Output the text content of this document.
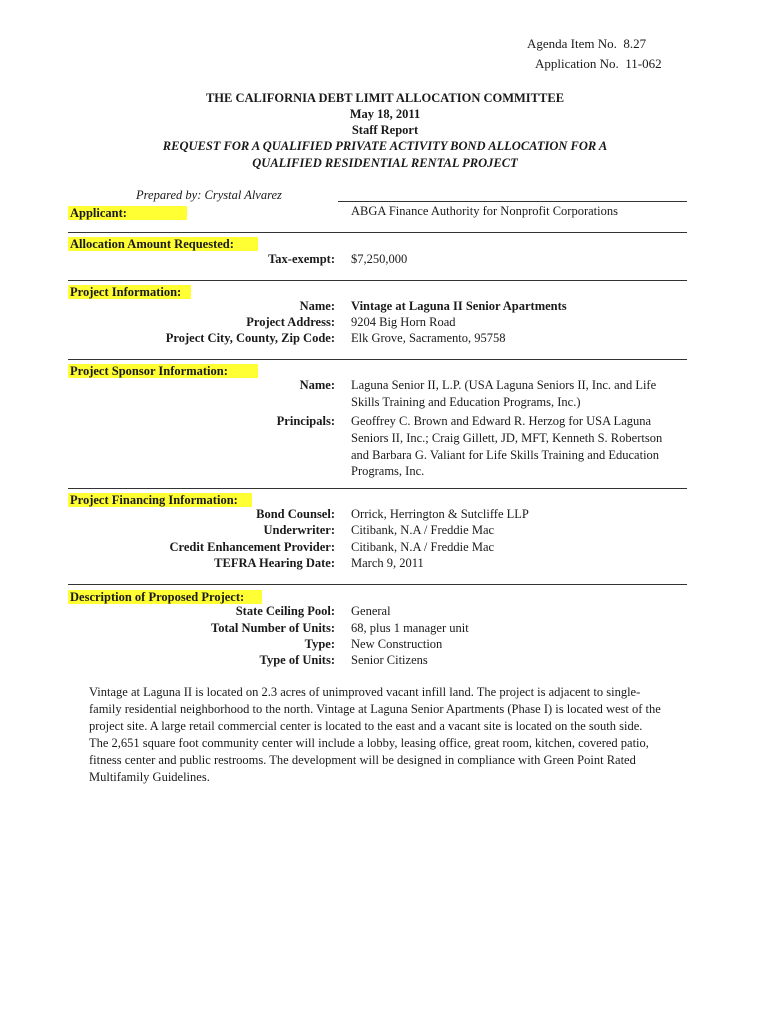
Agenda Item No. 8.27
Application No. 11-062
THE CALIFORNIA DEBT LIMIT ALLOCATION COMMITTEE
May 18, 2011
Staff Report
REQUEST FOR A QUALIFIED PRIVATE ACTIVITY BOND ALLOCATION FOR A
QUALIFIED RESIDENTIAL RENTAL PROJECT
Prepared by: Crystal Alvarez
Applicant:	ABGA Finance Authority for Nonprofit Corporations
Allocation Amount Requested:
Tax-exempt: $7,250,000
Project Information:
Name: Vintage at Laguna II Senior Apartments
Project Address: 9204 Big Horn Road
Project City, County, Zip Code: Elk Grove, Sacramento, 95758
Project Sponsor Information:
Name: Laguna Senior II, L.P. (USA Laguna Seniors II, Inc. and Life
Skills Training and Education Programs, Inc.)
Principals: Geoffrey C. Brown and Edward R. Herzog for USA Laguna
Seniors II, Inc.; Craig Gillett, JD, MFT, Kenneth S. Robertson
and Barbara G. Valiant for Life Skills Training and Education
Programs, Inc.
Project Financing Information:
Bond Counsel: Orrick, Herrington & Sutcliffe LLP
Underwriter: Citibank, N.A / Freddie Mac
Credit Enhancement Provider: Citibank, N.A / Freddie Mac
TEFRA Hearing Date: March 9, 2011
Description of Proposed Project:
State Ceiling Pool: General
Total Number of Units: 68, plus 1 manager unit
Type: New Construction
Type of Units: Senior Citizens
Vintage at Laguna II is located on 2.3 acres of unimproved vacant infill land. The project is adjacent to single-
family residential neighborhood to the north. Vintage at Laguna Senior Apartments (Phase I) is located west of the
project site. A large retail commercial center is located to the east and a vacant site is located on the south side.
The 2,651 square foot community center will include a lobby, leasing office, great room, kitchen, covered patio,
fitness center and public restrooms. The development will be designed in compliance with Green Point Rated
Multifamily Guidelines.
